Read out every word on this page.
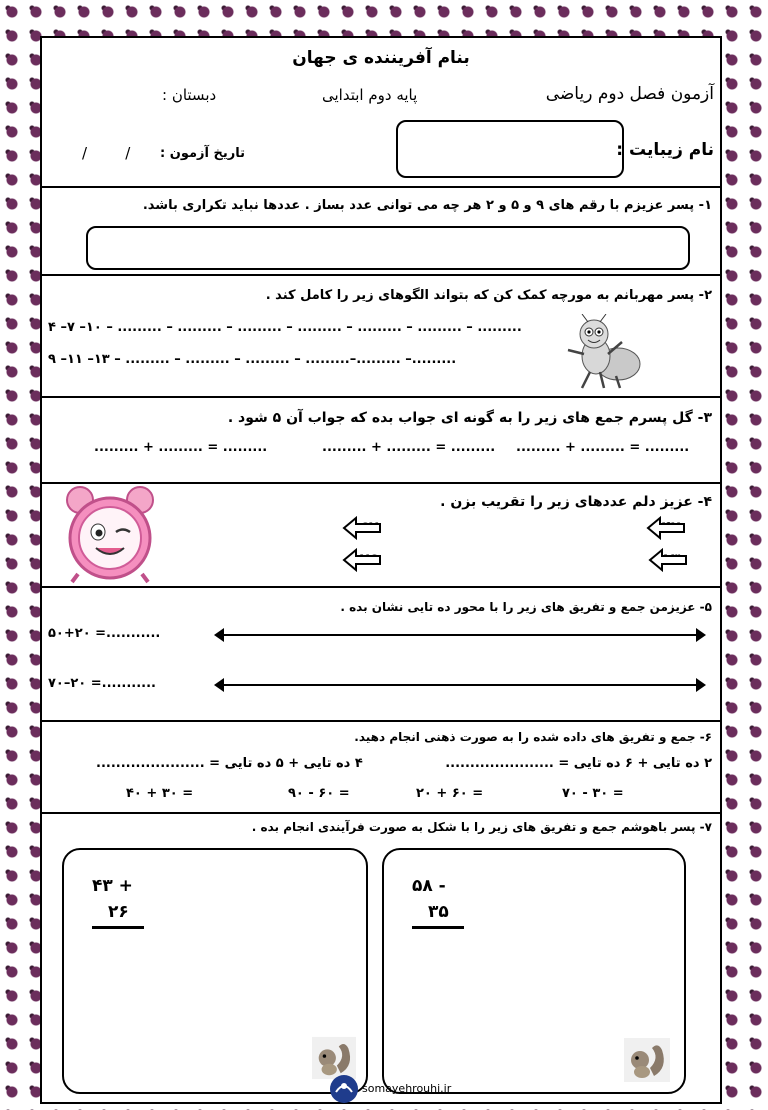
بنام آفریننده ی جهان
آزمون فصل دوم ریاضی
پایه دوم ابتدایی
دبستان :
نام زیبایت :
تاریخ آزمون :
/        /
۱- پسر عزیزم با رقم های ۹ و ۵ و ۲ هر چه می توانی عدد بساز . عددها نباید تکراری باشد.
۲- پسر مهربانم به مورچه کمک کن که بتواند الگوهای زیر را کامل کند .
۴ –۷ –۱۰ – ......... – ......... – ......... – ......... – ......... – ......... – .........
۹ –۱۱ –۱۳ – ......... – ......... – ......... – .........–......... –.........
۳- گل پسرم جمع های زیر را به گونه ای جواب بده که جواب آن ۵ شود .
......... + ......... = .........
......... + ......... = .........
......... + ......... = .........
۴- عزیز دلم عددهای زیر را تقریب بزن .
۵- عزیزمن جمع و تفریق های زیر را با محور ده تایی نشان بده .
۵۰+۲۰ =...........
۷۰–۲۰ =...........
۶- جمع و تفریق های داده شده را به صورت ذهنی انجام دهید.
۲ ده تایی + ۶ ده تایی = ......................
۴ ده تایی + ۵ ده تایی = ......................
۷۰ - ۳۰ =
۲۰ + ۶۰ =
۹۰ - ۶۰ =
۴۰ + ۳۰ =
۷- پسر باهوشم جمع و تفریق های زیر را با شکل به صورت فرآیندی انجام بده .
۵۸ -
۳۵
۴۳ +
۲۶
somayehrouhi.ir
